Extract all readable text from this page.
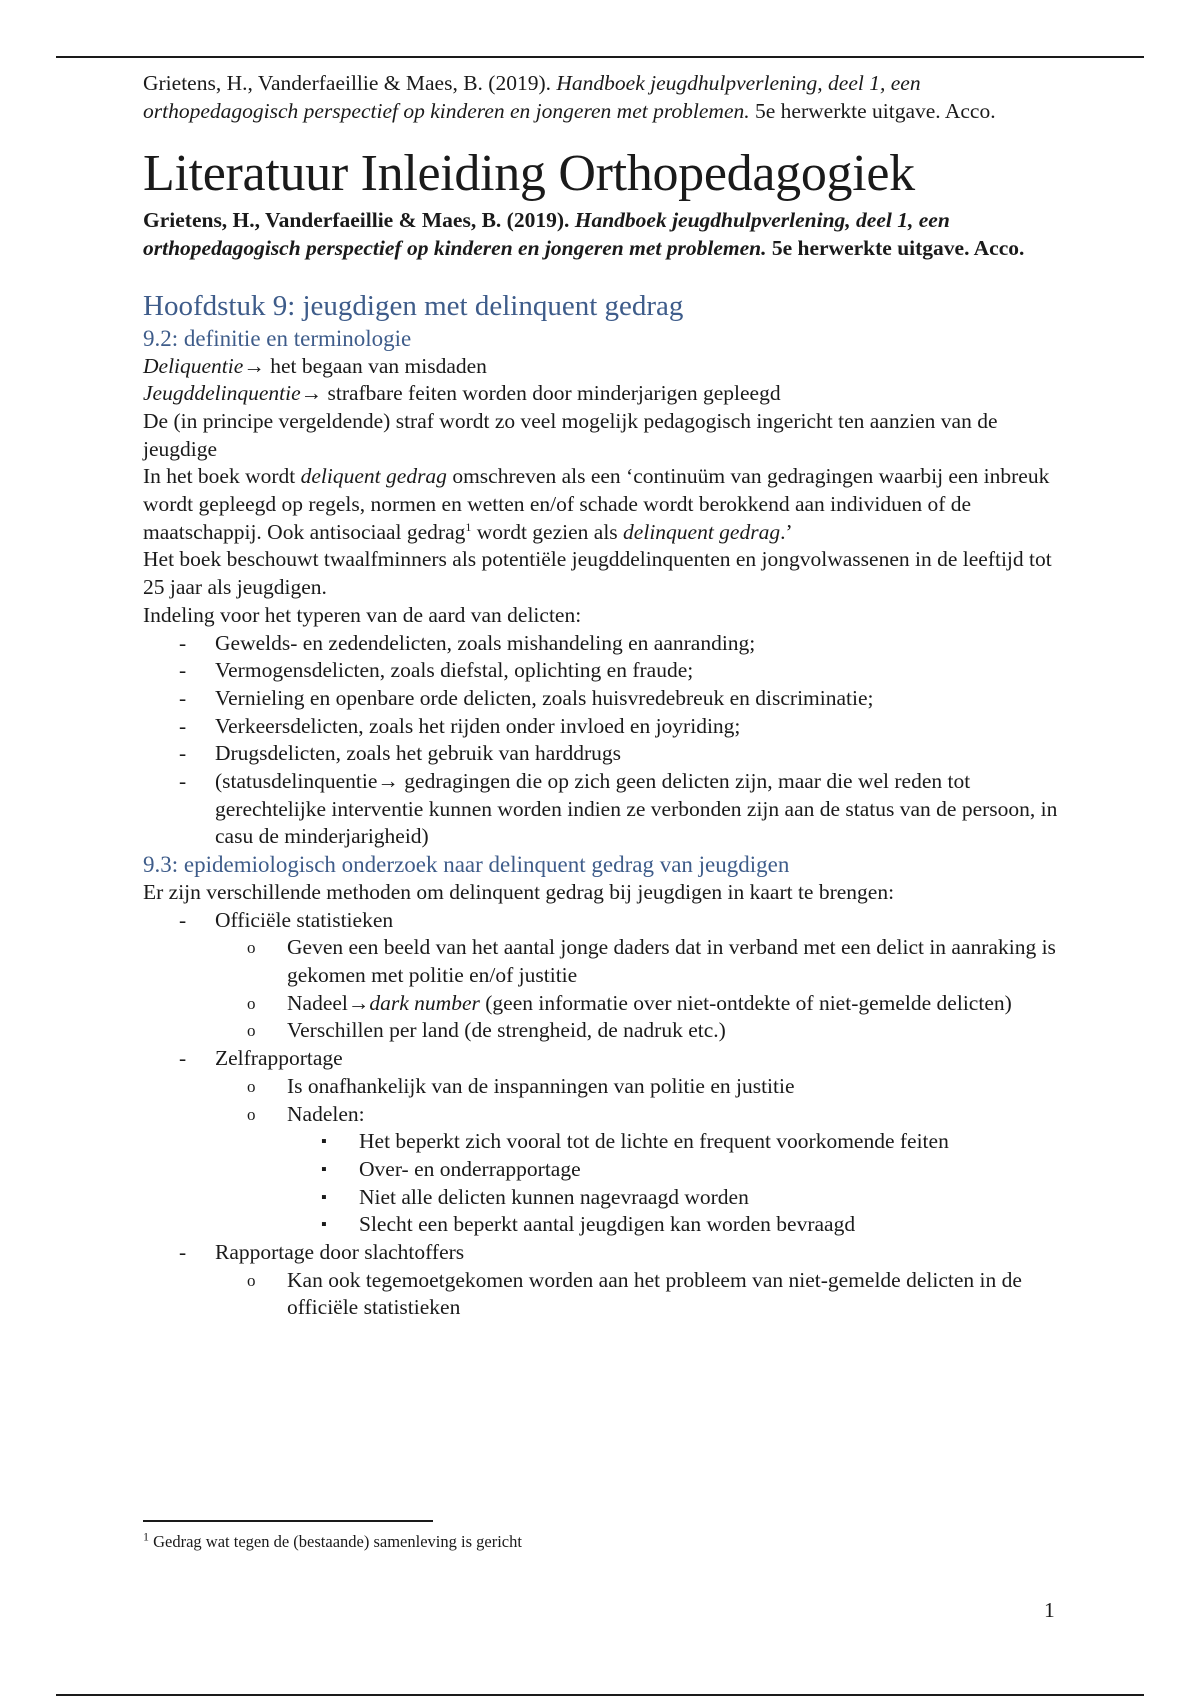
Grietens, H., Vanderfaeillie & Maes, B. (2019). Handboek jeugdhulpverlening, deel 1, een orthopedagogisch perspectief op kinderen en jongeren met problemen. 5e herwerkte uitgave. Acco.

Literatuur Inleiding Orthopedagogiek

Grietens, H., Vanderfaeillie & Maes, B. (2019). Handboek jeugdhulpverlening, deel 1, een orthopedagogisch perspectief op kinderen en jongeren met problemen. 5e herwerkte uitgave. Acco.

Hoofdstuk 9: jeugdigen met delinquent gedrag
9.2: definitie en terminologie

Deliquentie→ het begaan van misdaden

Jeugddelinquentie→ strafbare feiten worden door minderjarigen gepleegd

De (in principe vergeldende) straf wordt zo veel mogelijk pedagogisch ingericht ten aanzien van de jeugdige

In het boek wordt deliquent gedrag omschreven als een ‘continuüm van gedragingen waarbij een inbreuk wordt gepleegd op regels, normen en wetten en/of schade wordt berokkend aan individuen of de maatschappij. Ook antisociaal gedrag$^1$ wordt gezien als delinquent gedrag.’

Het boek beschouwt twaalfminners als potentiële jeugddelinquenten en jongvolwassenen in de leeftijd tot 25 jaar als jeugdigen.

Indeling voor het typeren van de aard van delicten:

- Gewelds- en zedendelicten, zoals mishandeling en aanranding;
- Vermogensdelicten, zoals diefstal, oplichting en fraude;
- Vernieling en openbare orde delicten, zoals huisvredebreuk en discriminatie;
- Verkeersdelicten, zoals het rijden onder invloed en joyriding;
- Drugsdelicten, zoals het gebruik van harddrugs
- (statusdelinquentie→ gedragingen die op zich geen delicten zijn, maar die wel reden tot gerechtelijke interventie kunnen worden indien ze verbonden zijn aan de status van de persoon, in casu de minderjarigheid)
9.3: epidemiologisch onderzoek naar delinquent gedrag van jeugdigen

Er zijn verschillende methoden om delinquent gedrag bij jeugdigen in kaart te brengen:

- Officiële statistieken
o Geven een beeld van het aantal jonge daders dat in verband met een delict in aanraking is gekomen met politie en/of justitie
o Nadeel→dark number (geen informatie over niet-ontdekte of niet-gemelde delicten)
o Verschillen per land (de strengheid, de nadruk etc.)
- Zelfrapportage
o Is onafhankelijk van de inspanningen van politie en justitie
o Nadelen:
▪ Het beperkt zich vooral tot de lichte en frequent voorkomende feiten
▪ Over- en onderrapportage
▪ Niet alle delicten kunnen nagevraagd worden
▪ Slecht een beperkt aantal jeugdigen kan worden bevraagd
- Rapportage door slachtoffers
o Kan ook tegemoetgekomen worden aan het probleem van niet-gemelde delicten in de officiële statistieken
$^1$ Gedrag wat tegen de (bestaande) samenleving is gericht
1
